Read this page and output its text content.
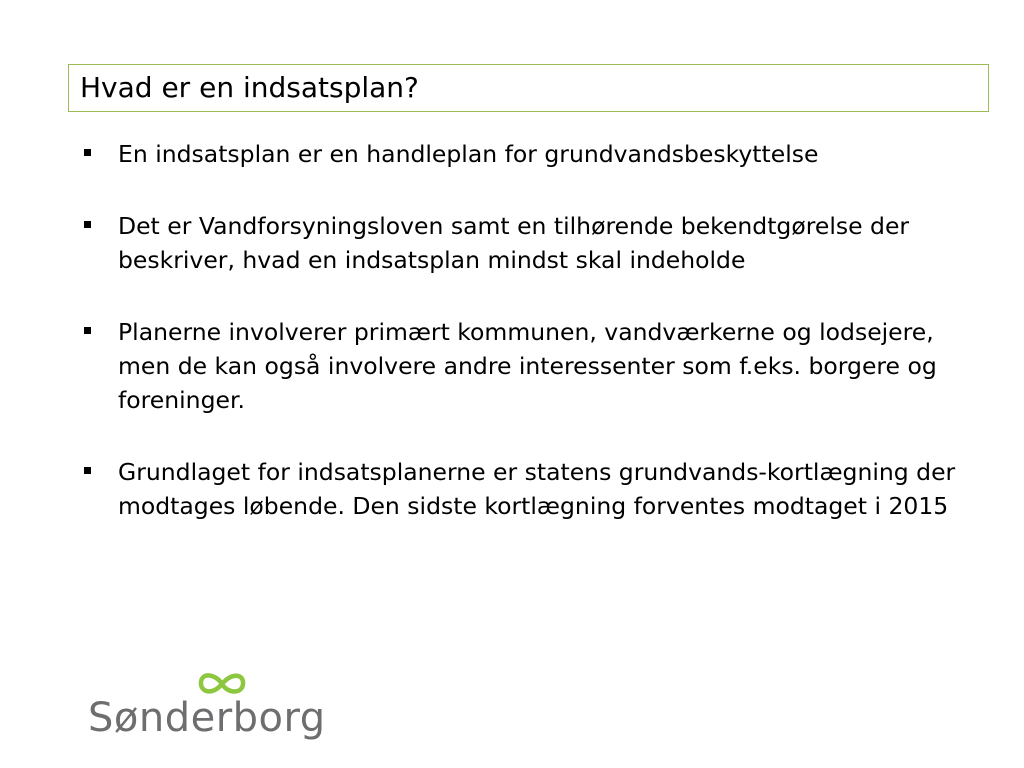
Hvad er en indsatsplan?
En indsatsplan er en handleplan for grundvandsbeskyttelse
Det er Vandforsyningsloven samt en tilhørende bekendtgørelse der beskriver, hvad en indsatsplan mindst skal indeholde
Planerne involverer primært kommunen, vandværkerne og lodsejere, men de kan også involvere andre interessenter som f.eks. borgere og foreninger.
Grundlaget for indsatsplanerne er statens grundvands-kortlægning der modtages løbende. Den sidste kortlægning forventes modtaget i 2015
Sønderborg
